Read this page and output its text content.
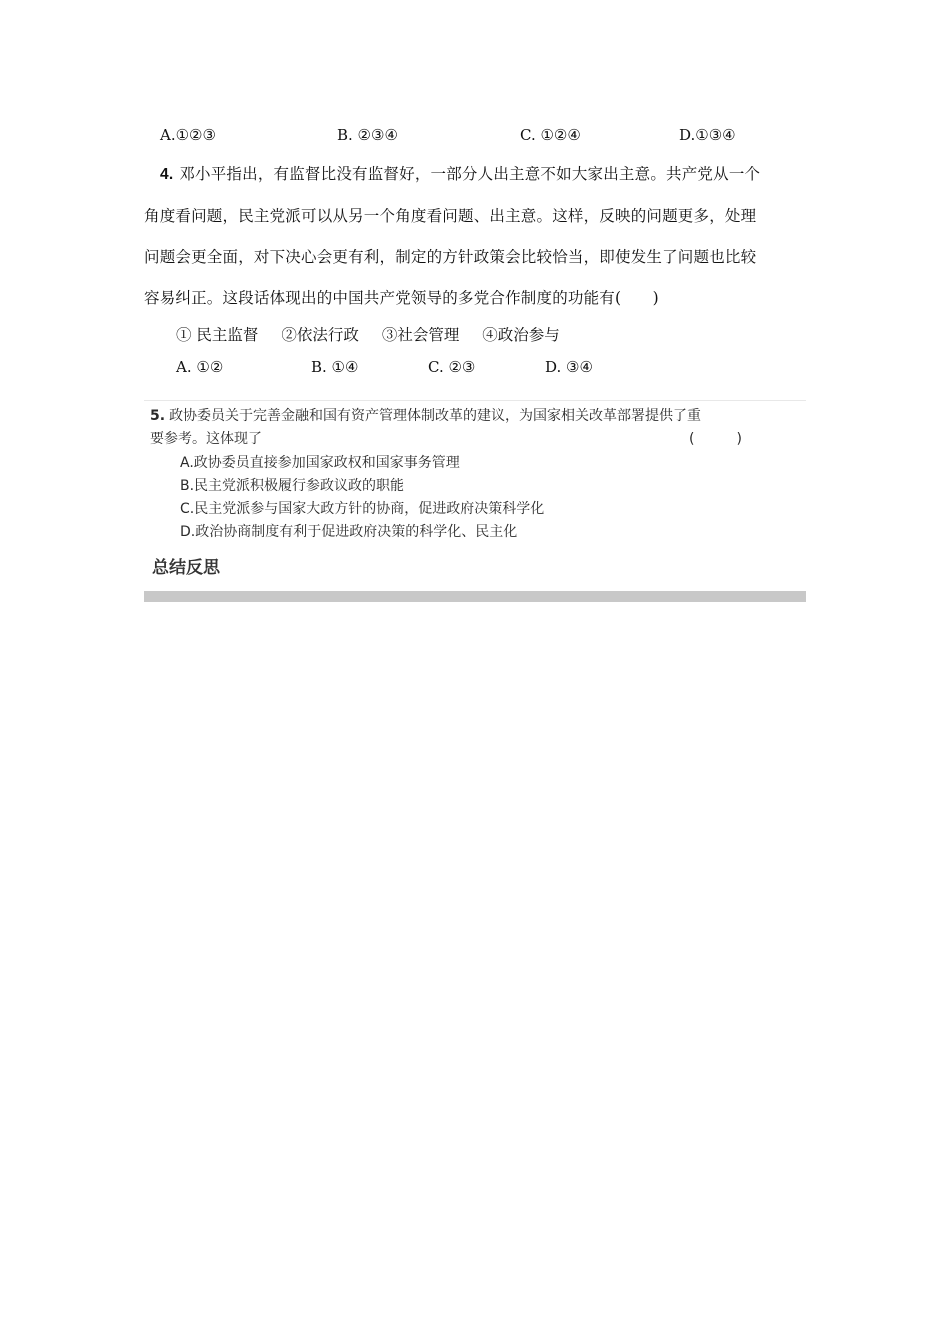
A.①②③	B. ②③④	C. ①②④	D.①③④
4. 邓小平指出，有监督比没有监督好，一部分人出主意不如大家出主意。共产党从一个
角度看问题，民主党派可以从另一个角度看问题、出主意。这样，反映的问题更多，处理
问题会更全面，对下决心会更有利，制定的方针政策会比较恰当，即使发生了问题也比较
容易纠正。这段话体现出的中国共产党领导的多党合作制度的功能有(　　)
① 民主监督 ②依法行政 ③社会管理 ④政治参与
A. ①②	B. ①④	C. ②③	D. ③④
5. 政协委员关于完善金融和国有资产管理体制改革的建议，为国家相关改革部署提供了重
要参考。这体现了	(　　　)
A.政协委员直接参加国家政权和国家事务管理
B.民主党派积极履行参政议政的职能
C.民主党派参与国家大政方针的协商，促进政府决策科学化
D.政治协商制度有利于促进政府决策的科学化、民主化
总结反思
